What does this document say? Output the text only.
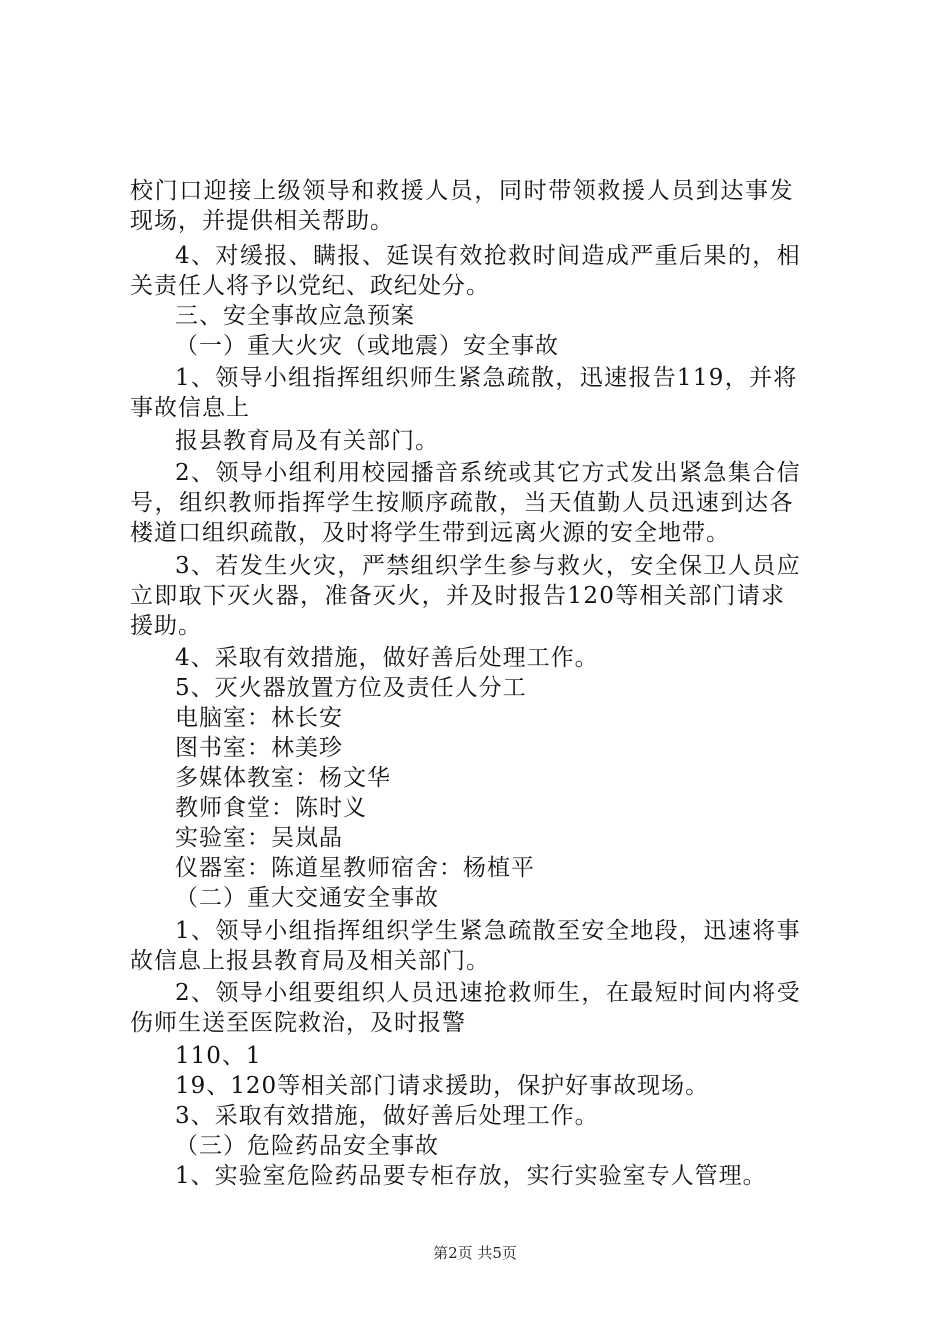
校门口迎接上级领导和救援人员，同时带领救援人员到达事发
现场，并提供相关帮助。
4、对缓报、瞒报、延误有效抢救时间造成严重后果的，相
关责任人将予以党纪、政纪处分。
三、安全事故应急预案
（一）重大火灾（或地震）安全事故
1、领导小组指挥组织师生紧急疏散，迅速报告119，并将
事故信息上
报县教育局及有关部门。
2、领导小组利用校园播音系统或其它方式发出紧急集合信
号，组织教师指挥学生按顺序疏散，当天值勤人员迅速到达各
楼道口组织疏散，及时将学生带到远离火源的安全地带。
3、若发生火灾，严禁组织学生参与救火，安全保卫人员应
立即取下灭火器，准备灭火，并及时报告120等相关部门请求
援助。
4、采取有效措施，做好善后处理工作。
5、灭火器放置方位及责任人分工
电脑室：林长安
图书室：林美珍
多媒体教室：杨文华
教师食堂：陈时义
实验室：吴岚晶
仪器室：陈道星教师宿舍：杨植平
（二）重大交通安全事故
1、领导小组指挥组织学生紧急疏散至安全地段，迅速将事
故信息上报县教育局及相关部门。
2、领导小组要组织人员迅速抢救师生，在最短时间内将受
伤师生送至医院救治，及时报警
110、1
19、120等相关部门请求援助，保护好事故现场。
3、采取有效措施，做好善后处理工作。
（三）危险药品安全事故
1、实验室危险药品要专柜存放，实行实验室专人管理。
第2页 共5页
